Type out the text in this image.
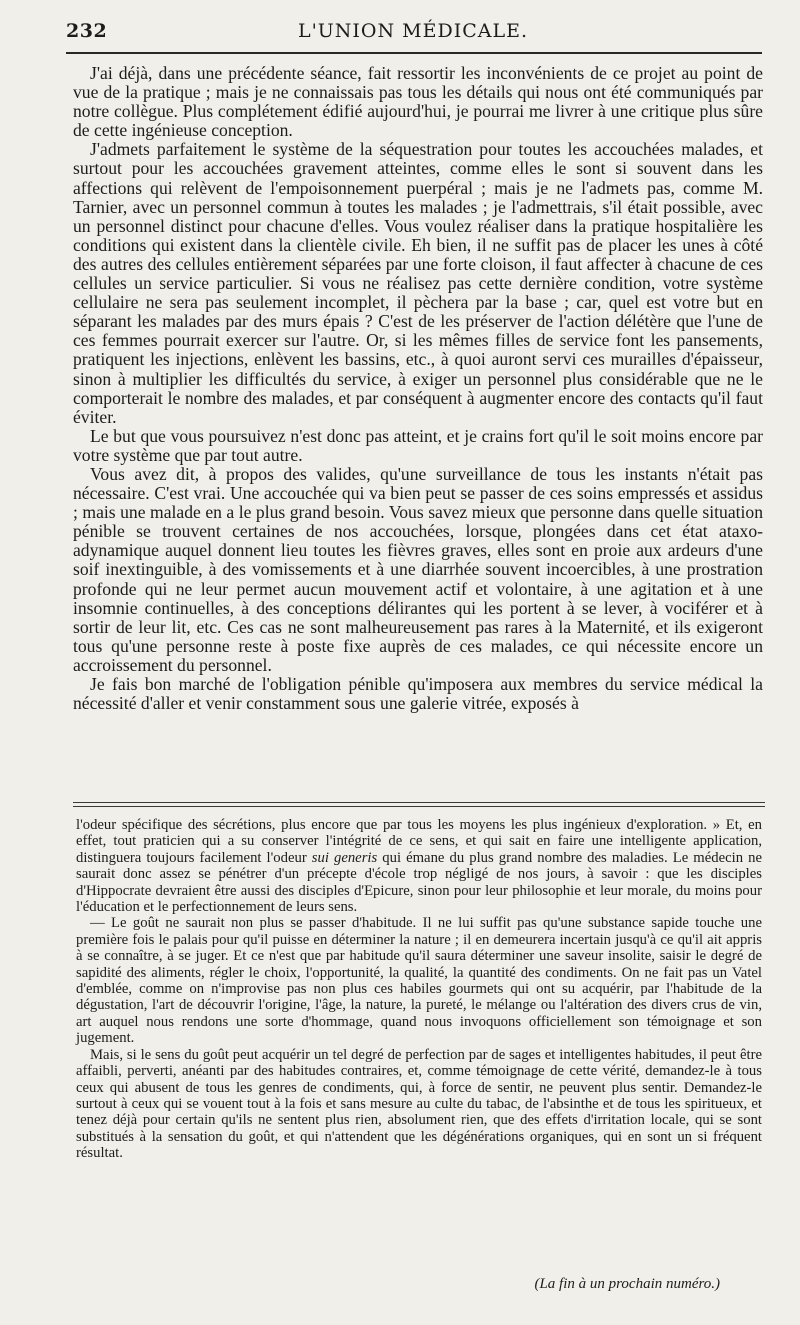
232	L'UNION MÉDICALE.

J'ai déjà, dans une précédente séance, fait ressortir les inconvénients de ce projet au point de vue de la pratique ; mais je ne connaissais pas tous les détails qui nous ont été communiqués par notre collègue. Plus complétement édifié aujourd'hui, je pourrai me livrer à une critique plus sûre de cette ingénieuse conception.

J'admets parfaitement le système de la séquestration pour toutes les accouchées malades, et surtout pour les accouchées gravement atteintes, comme elles le sont si souvent dans les affections qui relèvent de l'empoisonnement puerpéral ; mais je ne l'admets pas, comme M. Tarnier, avec un personnel commun à toutes les malades ; je l'admettrais, s'il était possible, avec un personnel distinct pour chacune d'elles. Vous voulez réaliser dans la pratique hospitalière les conditions qui existent dans la clientèle civile. Eh bien, il ne suffit pas de placer les unes à côté des autres des cellules entièrement séparées par une forte cloison, il faut affecter à chacune de ces cellules un service particulier. Si vous ne réalisez pas cette dernière condition, votre système cellulaire ne sera pas seulement incomplet, il pèchera par la base ; car, quel est votre but en séparant les malades par des murs épais ? C'est de les préserver de l'action délétère que l'une de ces femmes pourrait exercer sur l'autre. Or, si les mêmes filles de service font les pansements, pratiquent les injections, enlèvent les bassins, etc., à quoi auront servi ces murailles d'épaisseur, sinon à multiplier les difficultés du service, à exiger un personnel plus considérable que ne le comporterait le nombre des malades, et par conséquent à augmenter encore des contacts qu'il faut éviter.

Le but que vous poursuivez n'est donc pas atteint, et je crains fort qu'il le soit moins encore par votre système que par tout autre.

Vous avez dit, à propos des valides, qu'une surveillance de tous les instants n'était pas nécessaire. C'est vrai. Une accouchée qui va bien peut se passer de ces soins empressés et assidus ; mais une malade en a le plus grand besoin. Vous savez mieux que personne dans quelle situation pénible se trouvent certaines de nos accouchées, lorsque, plongées dans cet état ataxo-adynamique auquel donnent lieu toutes les fièvres graves, elles sont en proie aux ardeurs d'une soif inextinguible, à des vomissements et à une diarrhée souvent incoercibles, à une prostration profonde qui ne leur permet aucun mouvement actif et volontaire, à une agitation et à une insomnie continuelles, à des conceptions délirantes qui les portent à se lever, à vociférer et à sortir de leur lit, etc. Ces cas ne sont malheureusement pas rares à la Maternité, et ils exigeront tous qu'une personne reste à poste fixe auprès de ces malades, ce qui nécessite encore un accroissement du personnel.

Je fais bon marché de l'obligation pénible qu'imposera aux membres du service médical la nécessité d'aller et venir constamment sous une galerie vitrée, exposés à

l'odeur spécifique des sécrétions, plus encore que par tous les moyens les plus ingénieux d'exploration. » Et, en effet, tout praticien qui a su conserver l'intégrité de ce sens, et qui sait en faire une intelligente application, distinguera toujours facilement l'odeur sui generis qui émane du plus grand nombre des maladies. Le médecin ne saurait donc assez se pénétrer d'un précepte d'école trop négligé de nos jours, à savoir : que les disciples d'Hippocrate devraient être aussi des disciples d'Epicure, sinon pour leur philosophie et leur morale, du moins pour l'éducation et le perfectionnement de leurs sens.

— Le goût ne saurait non plus se passer d'habitude. Il ne lui suffit pas qu'une substance sapide touche une première fois le palais pour qu'il puisse en déterminer la nature ; il en demeurera incertain jusqu'à ce qu'il ait appris à se connaître, à se juger. Et ce n'est que par habitude qu'il saura déterminer une saveur insolite, saisir le degré de sapidité des aliments, régler le choix, l'opportunité, la qualité, la quantité des condiments. On ne fait pas un Vatel d'emblée, comme on n'improvise pas non plus ces habiles gourmets qui ont su acquérir, par l'habitude de la dégustation, l'art de découvrir l'origine, l'âge, la nature, la pureté, le mélange ou l'altération des divers crus de vin, art auquel nous rendons une sorte d'hommage, quand nous invoquons officiellement son témoignage et son jugement.

Mais, si le sens du goût peut acquérir un tel degré de perfection par de sages et intelligentes habitudes, il peut être affaibli, perverti, anéanti par des habitudes contraires, et, comme témoignage de cette vérité, demandez-le à tous ceux qui abusent de tous les genres de condiments, qui, à force de sentir, ne peuvent plus sentir. Demandez-le surtout à ceux qui se vouent tout à la fois et sans mesure au culte du tabac, de l'absinthe et de tous les spiritueux, et tenez déjà pour certain qu'ils ne sentent plus rien, absolument rien, que des effets d'irritation locale, qui se sont substitués à la sensation du goût, et qui n'attendent que les dégénérations organiques, qui en sont un si fréquent résultat.

(La fin à un prochain numéro.)
